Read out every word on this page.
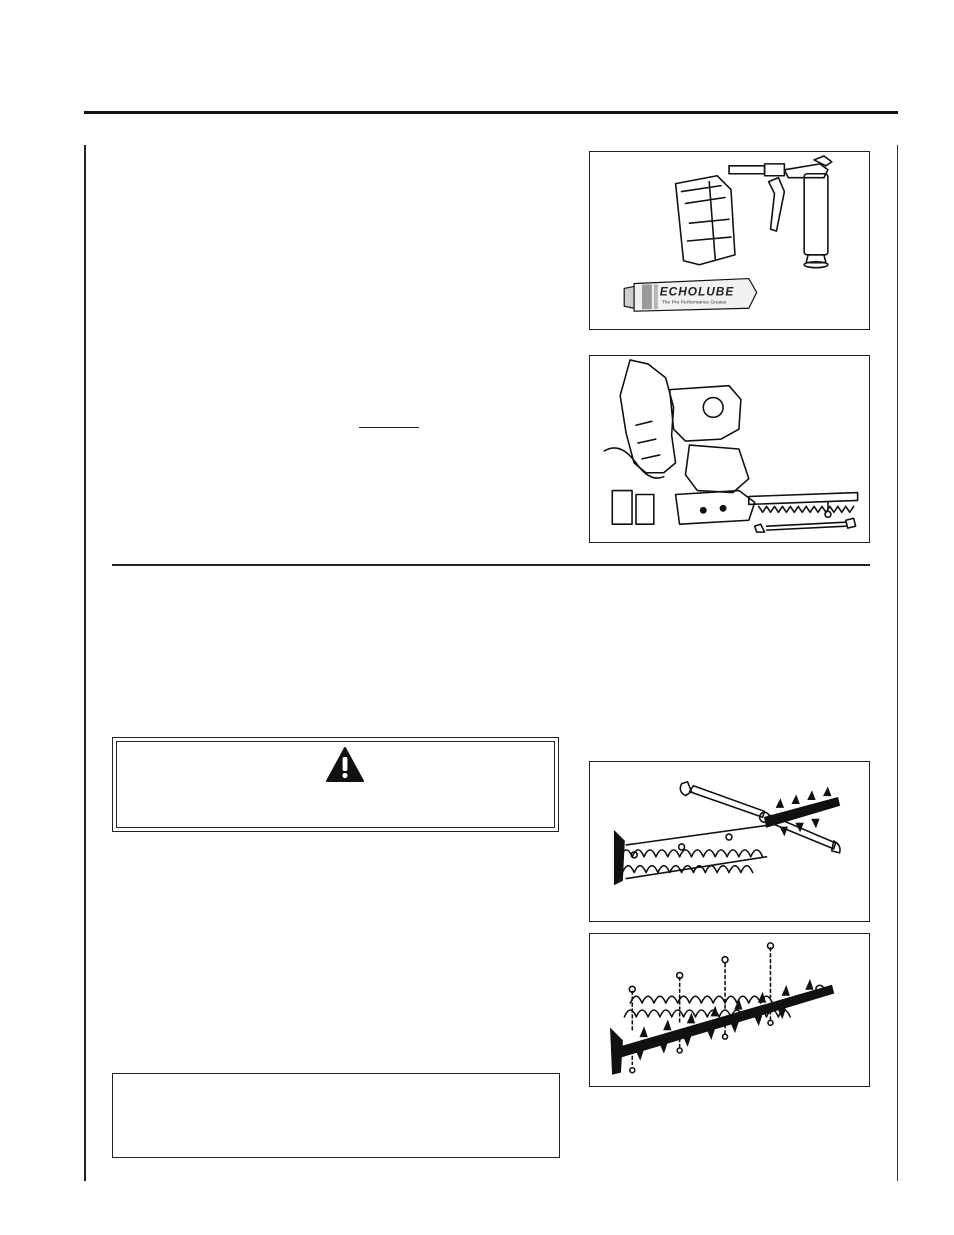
ECHOLUBE
The Pro Performance Grease
